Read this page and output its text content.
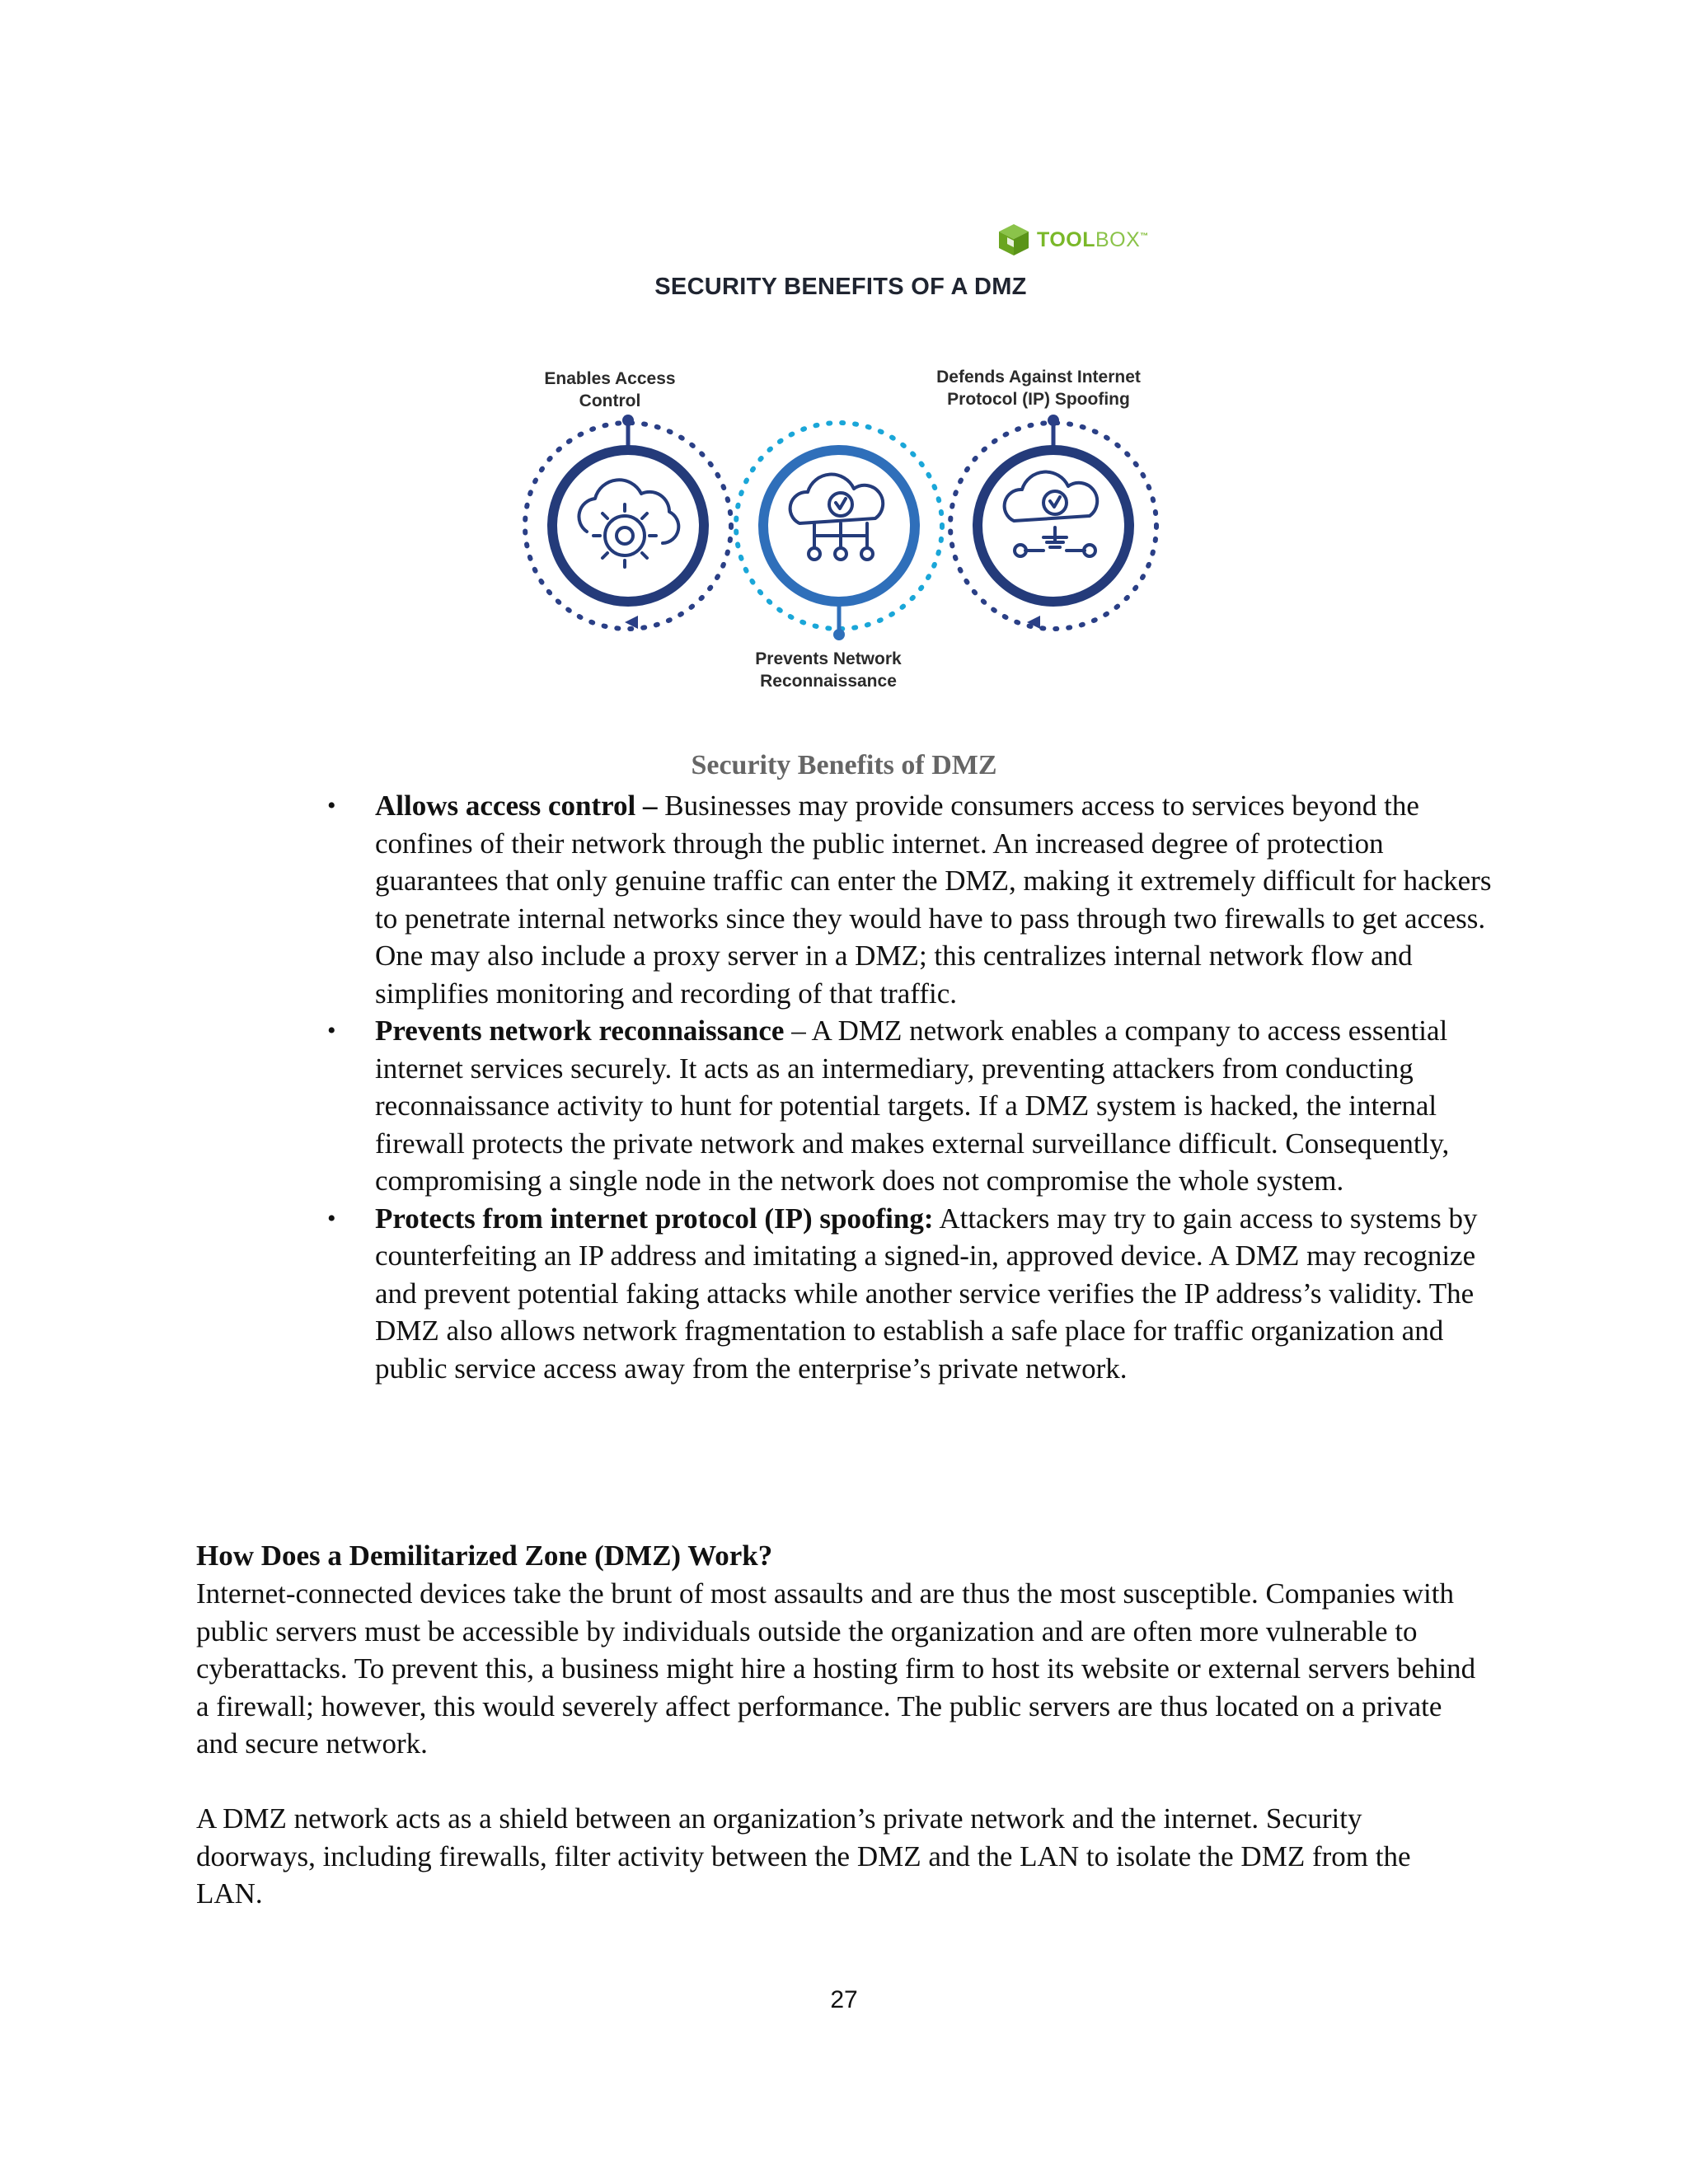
TOOLBOX™
SECURITY BENEFITS OF A DMZ
Enables Access
Control
Defends Against Internet
Protocol (IP) Spoofing
Prevents Network
Reconnaissance
Security Benefits of DMZ
• Allows access control – Businesses may provide consumers access to services beyond the confines of their network through the public internet. An increased degree of protection guarantees that only genuine traffic can enter the DMZ, making it extremely difficult for hackers to penetrate internal networks since they would have to pass through two firewalls to get access. One may also include a proxy server in a DMZ; this centralizes internal network flow and simplifies monitoring and recording of that traffic.
• Prevents network reconnaissance – A DMZ network enables a company to access essential internet services securely. It acts as an intermediary, preventing attackers from conducting reconnaissance activity to hunt for potential targets. If a DMZ system is hacked, the internal firewall protects the private network and makes external surveillance difficult. Consequently, compromising a single node in the network does not compromise the whole system.
• Protects from internet protocol (IP) spoofing: Attackers may try to gain access to systems by counterfeiting an IP address and imitating a signed-in, approved device. A DMZ may recognize and prevent potential faking attacks while another service verifies the IP address’s validity. The DMZ also allows network fragmentation to establish a safe place for traffic organization and public service access away from the enterprise’s private network.
How Does a Demilitarized Zone (DMZ) Work?

Internet-connected devices take the brunt of most assaults and are thus the most susceptible. Companies with public servers must be accessible by individuals outside the organization and are often more vulnerable to cyberattacks. To prevent this, a business might hire a hosting firm to host its website or external servers behind a firewall; however, this would severely affect performance. The public servers are thus located on a private and secure network.

A DMZ network acts as a shield between an organization’s private network and the internet. Security doorways, including firewalls, filter activity between the DMZ and the LAN to isolate the DMZ from the LAN.

27
